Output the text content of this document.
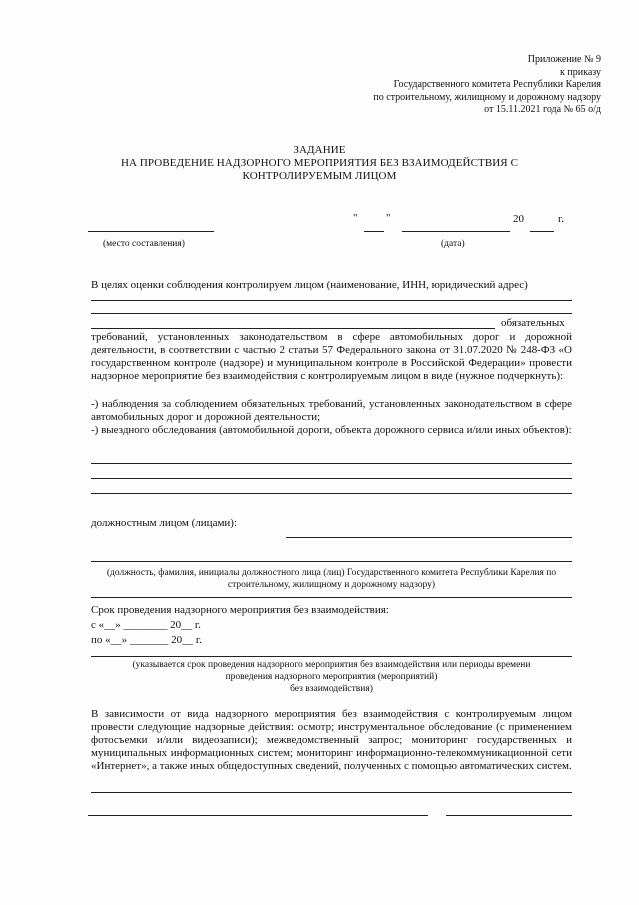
Приложение № 9
к приказу
Государственного комитета Республики Карелия
по строительному, жилищному и дорожному надзору
от 15.11.2021 года № 65 о/д
ЗАДАНИЕ
НА ПРОВЕДЕНИЕ НАДЗОРНОГО МЕРОПРИЯТИЯ БЕЗ ВЗАИМОДЕЙСТВИЯ С
КОНТРОЛИРУЕМЫМ ЛИЦОМ
"	"	20	г.
(место составления)	(дата)
В целях оценки соблюдения контролируем лицом (наименование, ИНН, юридический адрес)
обязательных
требований, установленных законодательством в сфере автомобильных дорог и дорожной деятельности, в соответствии с частью 2 статьи 57 Федерального закона от 31.07.2020 № 248-ФЗ «О государственном контроле (надзоре) и муниципальном контроле в Российской Федерации» провести надзорное мероприятие без взаимодействия с контролируемым лицом в виде (нужное подчеркнуть):
-) наблюдения за соблюдением обязательных требований, установленных законодательством в сфере автомобильных дорог и дорожной деятельности;
-) выездного обследования (автомобильной дороги, объекта дорожного сервиса и/или иных объектов):
должностным лицом (лицами):
(должность, фамилия, инициалы должностного лица (лиц) Государственного комитета Республики Карелия по строительному, жилищному и дорожному надзору)
Срок проведения надзорного мероприятия без взаимодействия:
с «__» ________ 20__ г.
по «__» _______ 20__ г.
(указывается срок проведения надзорного мероприятия без взаимодействия или периоды времени
проведения надзорного мероприятия (мероприятий)
без взаимодействия)
В зависимости от вида надзорного мероприятия без взаимодействия с контролируемым лицом провести следующие надзорные действия: осмотр; инструментальное обследование (с применением фотосъемки и/или видеозаписи); межведомственный запрос; мониторинг государственных и муниципальных информационных систем; мониторинг информационно-телекоммуникационной сети «Интернет», а также иных общедоступных сведений, полученных с помощью автоматических систем.
